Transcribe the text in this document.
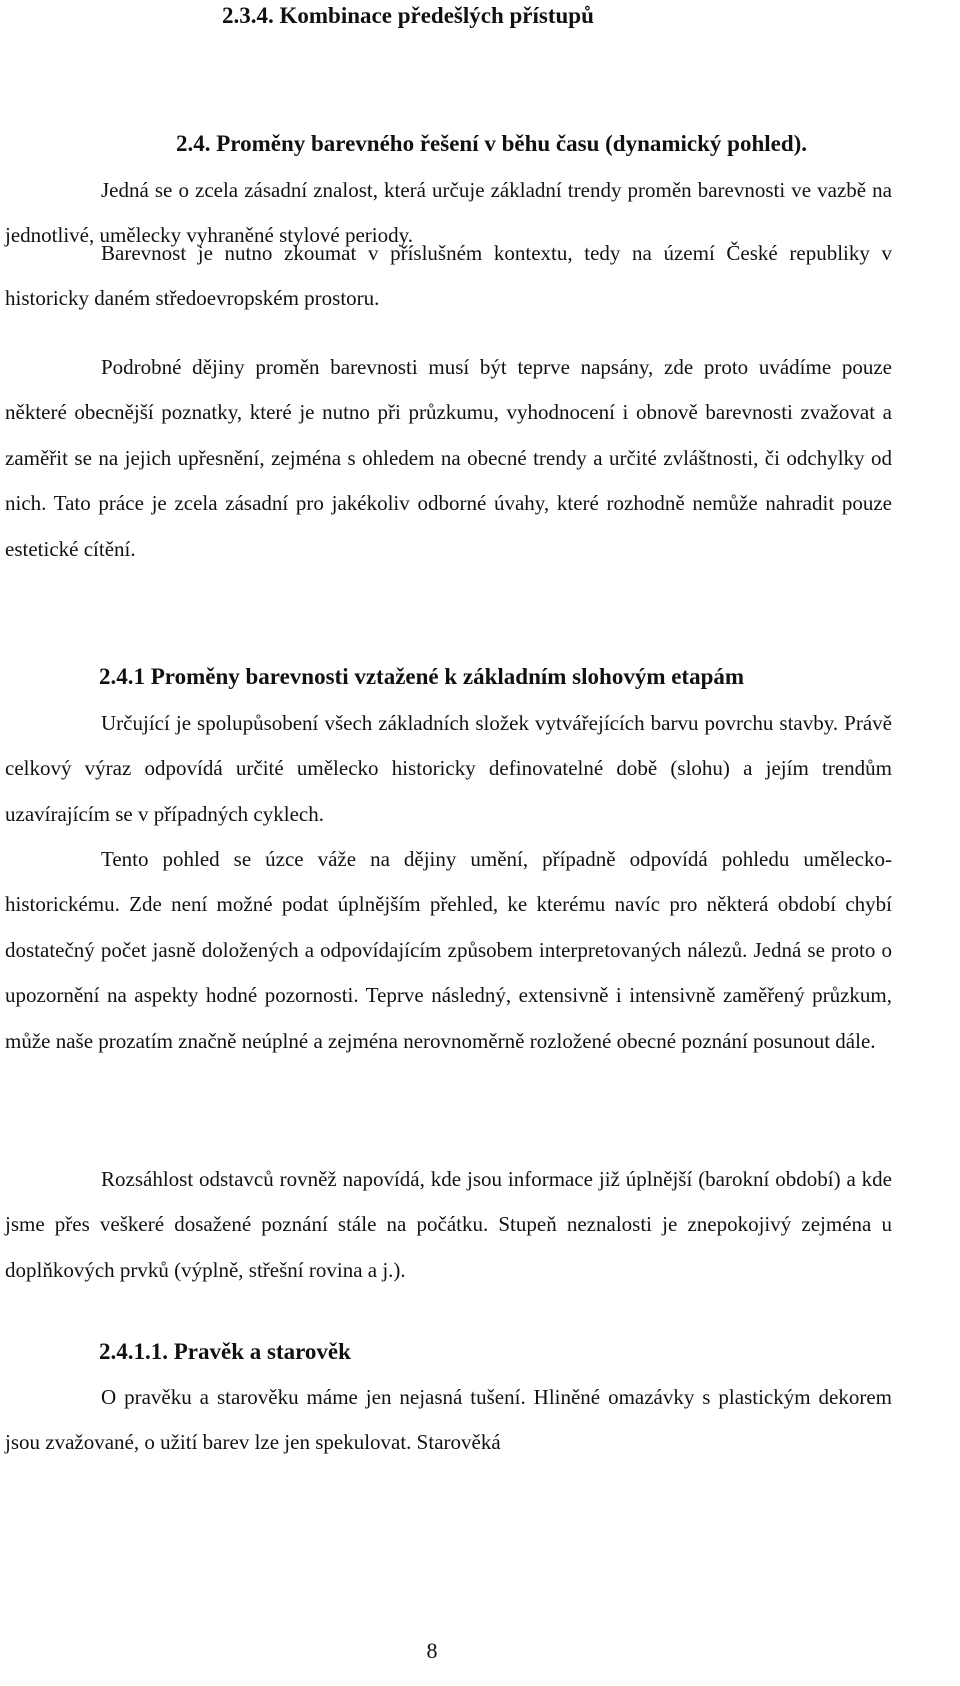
2.3.4. Kombinace předešlých přístupů
2.4. Proměny barevného řešení v běhu času (dynamický pohled).

Jedná se o zcela zásadní znalost, která určuje základní trendy proměn barevnosti ve vazbě na jednotlivé, umělecky vyhraněné stylové periody.

Barevnost je nutno zkoumat v příslušném kontextu, tedy na území České republiky v historicky daném středoevropském prostoru.

Podrobné dějiny proměn barevnosti musí být teprve napsány, zde proto uvádíme pouze některé obecnější poznatky, které je nutno při průzkumu, vyhodnocení i obnově barevnosti zvažovat a zaměřit se na jejich upřesnění, zejména s ohledem na obecné trendy a určité zvláštnosti, či odchylky od nich. Tato práce je zcela zásadní pro jakékoliv odborné úvahy, které rozhodně nemůže nahradit pouze estetické cítění.

2.4.1 Proměny barevnosti vztažené k základním slohovým etapám

Určující je spolupůsobení všech základních složek vytvářejících barvu povrchu stavby. Právě celkový výraz odpovídá určité umělecko historicky definovatelné době (slohu) a jejím trendům uzavírajícím se v případných cyklech.

Tento pohled se úzce váže na dějiny umění, případně odpovídá pohledu umělecko-historickému. Zde není možné podat úplnějším přehled, ke kterému navíc pro některá období chybí dostatečný počet jasně doložených a odpovídajícím způsobem interpretovaných nálezů. Jedná se proto o upozornění na aspekty hodné pozornosti. Teprve následný, extensivně i intensivně zaměřený průzkum, může naše prozatím značně neúplné a zejména nerovnoměrně rozložené obecné poznání posunout dále.

Rozsáhlost odstavců rovněž napovídá, kde jsou informace již úplnější (barokní období) a kde jsme přes veškeré dosažené poznání stále na počátku. Stupeň neznalosti je znepokojivý zejména u doplňkových prvků (výplně, střešní rovina a j.).

2.4.1.1. Pravěk a starověk

O pravěku a starověku máme jen nejasná tušení. Hliněné omazávky s plastickým dekorem jsou zvažované, o užití barev lze jen spekulovat. Starověká

8
